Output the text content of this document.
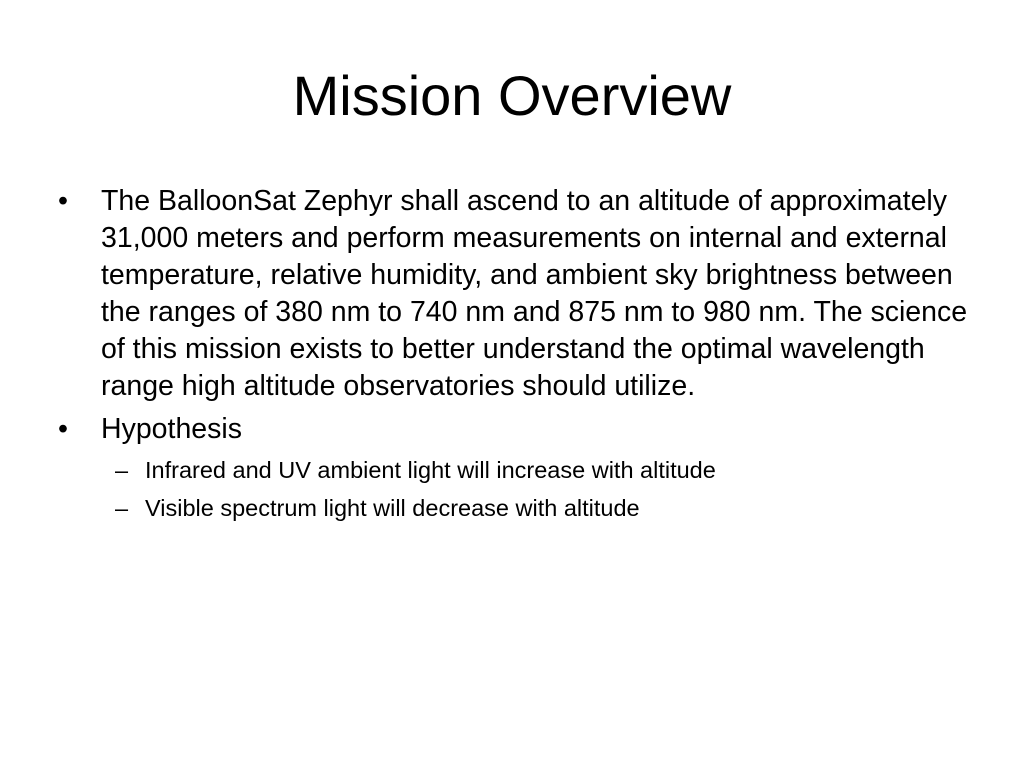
Mission Overview
•	The BalloonSat Zephyr shall ascend to an altitude of approximately 31,000 meters and perform measurements on internal and external temperature, relative humidity, and ambient sky brightness between the ranges of 380 nm to 740 nm and 875 nm to 980 nm. The science of this mission exists to better understand the optimal wavelength range high altitude observatories should utilize.
•	Hypothesis
– Infrared and UV ambient light will increase with altitude
– Visible spectrum light will decrease with altitude
